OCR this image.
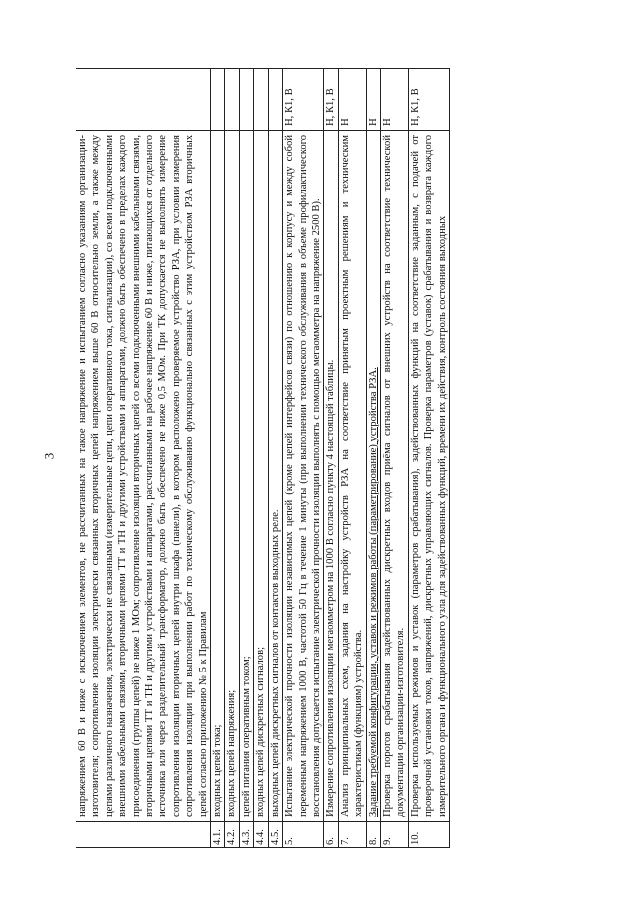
3
	напряжением 60 В и ниже с исключением элементов, не рассчитанных на такое напряжение и испытанием согласно указаниям организации-изготовителя; сопротивление изоляции электрически связанных вторичных цепей напряжением выше 60 В относительно земли, а также между цепями различного назначения, электрически не связанными (измерительные цепи, цепи оперативного тока, сигнализации), со всеми подключенными внешними кабельными связями, вторичными цепями ТТ и ТН и другими устройствами и аппаратами, должно быть обеспечено в пределах каждого присоединения (группы цепей) не ниже 1 МОм; сопротивление изоляции вторичных цепей со всеми подключенными внешними кабельными связями, вторичными цепями ТТ и ТН и другими устройствами и аппаратами, рассчитанными на рабочее напряжение 60 В и ниже, питающихся от отдельного источника или через разделительный трансформатор, должно быть обеспечено не ниже 0,5 МОм. При ТК допускается не выполнять измерение сопротивления изоляции вторичных цепей внутри шкафа (панели), в котором расположено проверяемое устройство РЗА, при условии измерения сопротивления изоляции при выполнении работ по техническому обслуживанию функционально связанных с этим устройством РЗА вторичных цепей согласно приложению № 5 к Правилам	
4.1.	входных цепей тока;	
4.2.	входных цепей напряжения;	
4.3.	цепей питания оперативным током;	
4.4.	входных цепей дискретных сигналов;	
4.5.	выходных цепей дискретных сигналов от контактов выходных реле.	
5.	Испытание электрической прочности изоляции независимых цепей (кроме цепей интерфейсов связи) по отношению к корпусу и между собой переменным напряжением 1000 В, частотой 50 Гц в течение 1 минуты (при выполнении технического обслуживания в объеме профилактического восстановления допускается испытание электрической прочности изоляции выполнять с помощью мегаомметра на напряжение 2500 В).	Н, К1, В
6.	Измерение сопротивления изоляции мегаомметром на 1000 В согласно пункту 4 настоящей таблицы.	Н, К1, В
7.	Анализ принципиальных схем, задания на настройку устройств РЗА на соответствие принятым проектным решениям и техническим характеристикам (функциям) устройства.	Н
8.	Задание требуемой конфигурации, уставок и режимов работы (параметрирование) устройства РЗА.	Н
9.	Проверка порогов срабатывания задействованных дискретных входов приёма сигналов от внешних устройств на соответствие технической документации организации-изготовителя.	Н
10.	Проверка используемых режимов и уставок (параметров срабатывания), задействованных функций на соответствие заданным, с подачей от проверочной установки токов, напряжений, дискретных управляющих сигналов. Проверка параметров (уставок) срабатывания и возврата каждого измерительного органа и функционального узла для задействованных функций, времени их действия, контроль состояния выходных	Н, К1, В
